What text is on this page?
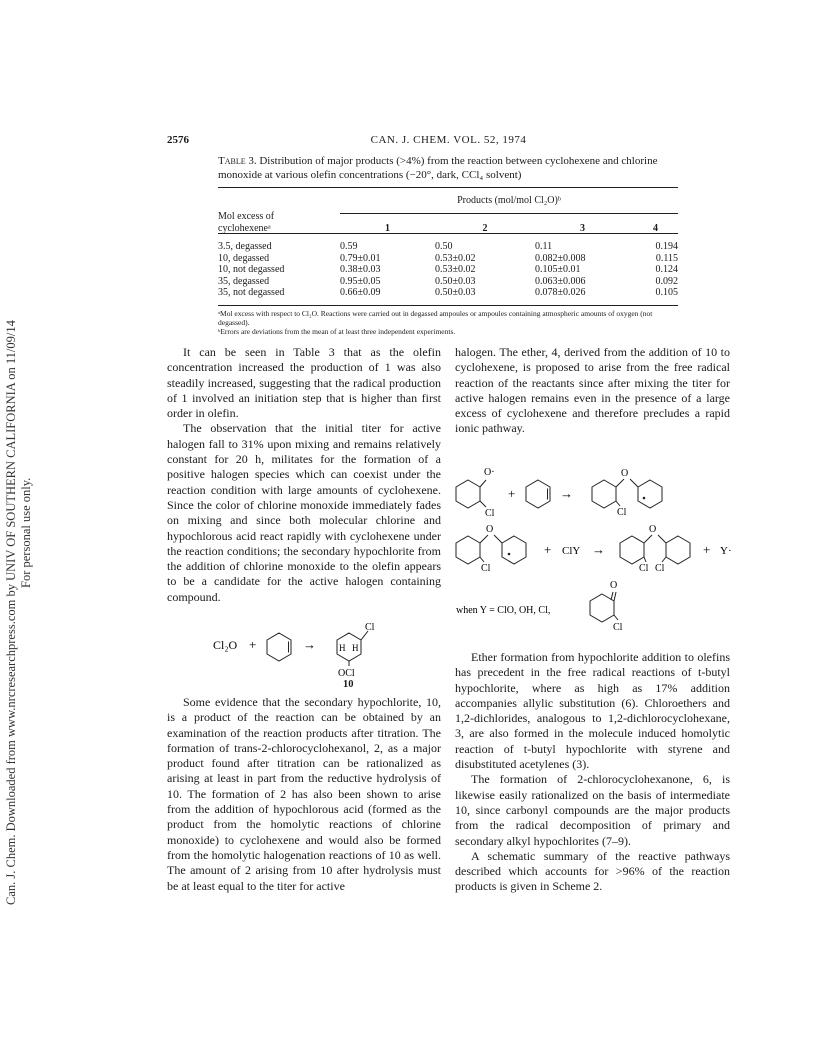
Can. J. Chem. Downloaded from www.nrcresearchpress.com by UNIV OF SOUTHERN CALIFORNIA on 11/09/14 For personal use only.
CAN. J. CHEM. VOL. 52, 1974
2576
Table 3. Distribution of major products (>4%) from the reaction between cyclohexene and chlorine monoxide at various olefin concentrations (−20°, dark, CCl₄ solvent)
	Products (mol/mol Cl₂O)ᵇ			

Mol excess of
cyclohexeneᵃ	1	2	3	4

3.5, degassed	0.59	0.50	0.11	0.194
10, degassed	0.79±0.01	0.53±0.02	0.082±0.008	0.115
10, not degassed	0.38±0.03	0.53±0.02	0.105±0.01	0.124
35, degassed	0.95±0.05	0.50±0.03	0.063±0.006	0.092
35, not degassed	0.66±0.09	0.50±0.03	0.078±0.026	0.105
ᵃMol excess with respect to Cl₂O. Reactions were carried out in degassed ampoules or ampoules containing atmospheric amounts of oxygen (not degassed).
ᵇErrors are deviations from the mean of at least three independent experiments.

It can be seen in Table 3 that as the olefin concentration increased the production of 1 was also steadily increased, suggesting that the radical production of 1 involved an initiation step that is higher than first order in olefin.

The observation that the initial titer for active halogen fall to 31% upon mixing and remains relatively constant for 20 h, militates for the formation of a positive halogen species which can coexist under the reaction condition with large amounts of cyclohexene. Since the color of chlorine monoxide immediately fades on mixing and since both molecular chlorine and hypochlorous acid react rapidly with cyclohexene under the reaction conditions; the secondary hypochlorite from the addition of chlorine monoxide to the olefin appears to be a candidate for the active halogen containing compound.

Cl₂O +	→
Cl
H H
OCl
10

Some evidence that the secondary hypochlorite, 10, is a product of the reaction can be obtained by an examination of the reaction products after titration. The formation of trans-2-chlorocyclohexanol, 2, as a major product found after titration can be rationalized as arising at least in part from the reductive hydrolysis of 10. The formation of 2 has also been shown to arise from the addition of hypochlorous acid (formed as the product from the homolytic reactions of chlorine monoxide) to cyclohexene and would also be formed from the homolytic halogenation reactions of 10 as well. The amount of 2 arising from 10 after hydrolysis must be at least equal to the titer for active

halogen. The ether, 4, derived from the addition of 10 to cyclohexene, is proposed to arise from the free radical reaction of the reactants since after mixing the titer for active halogen remains even in the presence of a large excess of cyclohexene and therefore precludes a rapid ionic pathway.

O·
Cl
+	→
O
Cl
O
Cl
+ ClY →
O
Cl Cl
+ Y·
when Y = ClO, OH, Cl,
O
Cl

Ether formation from hypochlorite addition to olefins has precedent in the free radical reactions of t-butyl hypochlorite, where as high as 17% addition accompanies allylic substitution (6). Chloroethers and 1,2-dichlorides, analogous to 1,2-dichlorocyclohexane, 3, are also formed in the molecule induced homolytic reaction of t-butyl hypochlorite with styrene and disubstituted acetylenes (3).

The formation of 2-chlorocyclohexanone, 6, is likewise easily rationalized on the basis of intermediate 10, since carbonyl compounds are the major products from the radical decomposition of primary and secondary alkyl hypochlorites (7–9).

A schematic summary of the reactive pathways described which accounts for >96% of the reaction products is given in Scheme 2.
